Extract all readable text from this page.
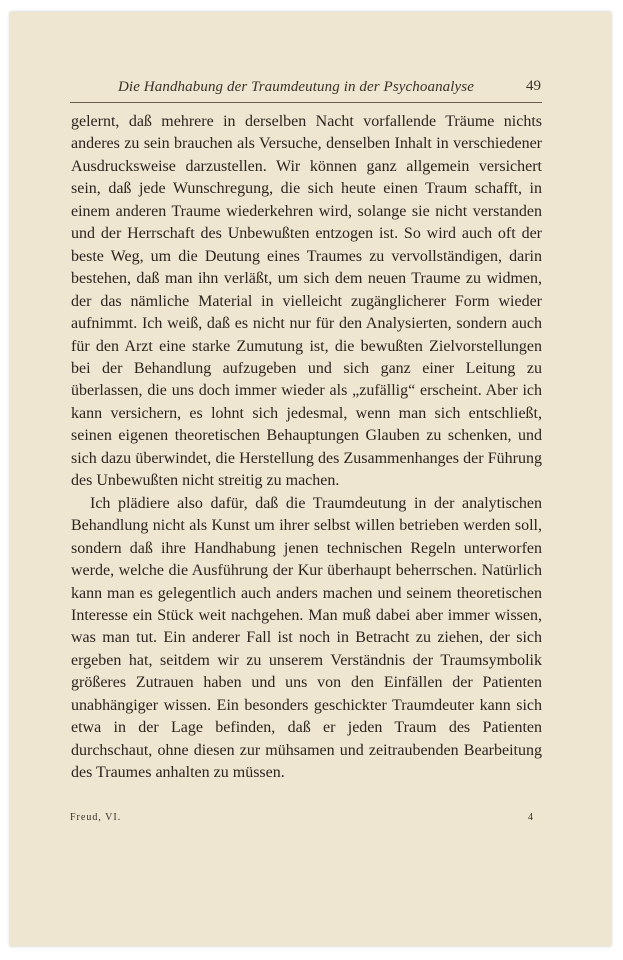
Die Handhabung der Traumdeutung in der Psychoanalyse	49

gelernt, daß mehrere in derselben Nacht vorfallende Träume nichts anderes zu sein brauchen als Versuche, denselben Inhalt in verschiedener Ausdrucksweise darzustellen. Wir können ganz allgemein versichert sein, daß jede Wunschregung, die sich heute einen Traum schafft, in einem anderen Traume wiederkehren wird, solange sie nicht verstanden und der Herrschaft des Unbewußten entzogen ist. So wird auch oft der beste Weg, um die Deutung eines Traumes zu vervollständigen, darin bestehen, daß man ihn verläßt, um sich dem neuen Traume zu widmen, der das nämliche Material in vielleicht zugänglicherer Form wieder aufnimmt. Ich weiß, daß es nicht nur für den Analysierten, sondern auch für den Arzt eine starke Zumutung ist, die bewußten Zielvorstellungen bei der Behandlung aufzugeben und sich ganz einer Leitung zu überlassen, die uns doch immer wieder als „zufällig“ erscheint. Aber ich kann versichern, es lohnt sich jedesmal, wenn man sich entschließt, seinen eigenen theoretischen Behauptungen Glauben zu schenken, und sich dazu überwindet, die Herstellung des Zusammenhanges der Führung des Unbewußten nicht streitig zu machen.

Ich plädiere also dafür, daß die Traumdeutung in der analytischen Behandlung nicht als Kunst um ihrer selbst willen betrieben werden soll, sondern daß ihre Handhabung jenen technischen Regeln unterworfen werde, welche die Ausführung der Kur überhaupt beherrschen. Natürlich kann man es gelegentlich auch anders machen und seinem theoretischen Interesse ein Stück weit nachgehen. Man muß dabei aber immer wissen, was man tut. Ein anderer Fall ist noch in Betracht zu ziehen, der sich ergeben hat, seitdem wir zu unserem Verständnis der Traumsymbolik größeres Zutrauen haben und uns von den Einfällen der Patienten unabhängiger wissen. Ein besonders geschickter Traumdeuter kann sich etwa in der Lage befinden, daß er jeden Traum des Patienten durchschaut, ohne diesen zur mühsamen und zeitraubenden Bearbeitung des Traumes anhalten zu müssen.

Freud, VI.	4
